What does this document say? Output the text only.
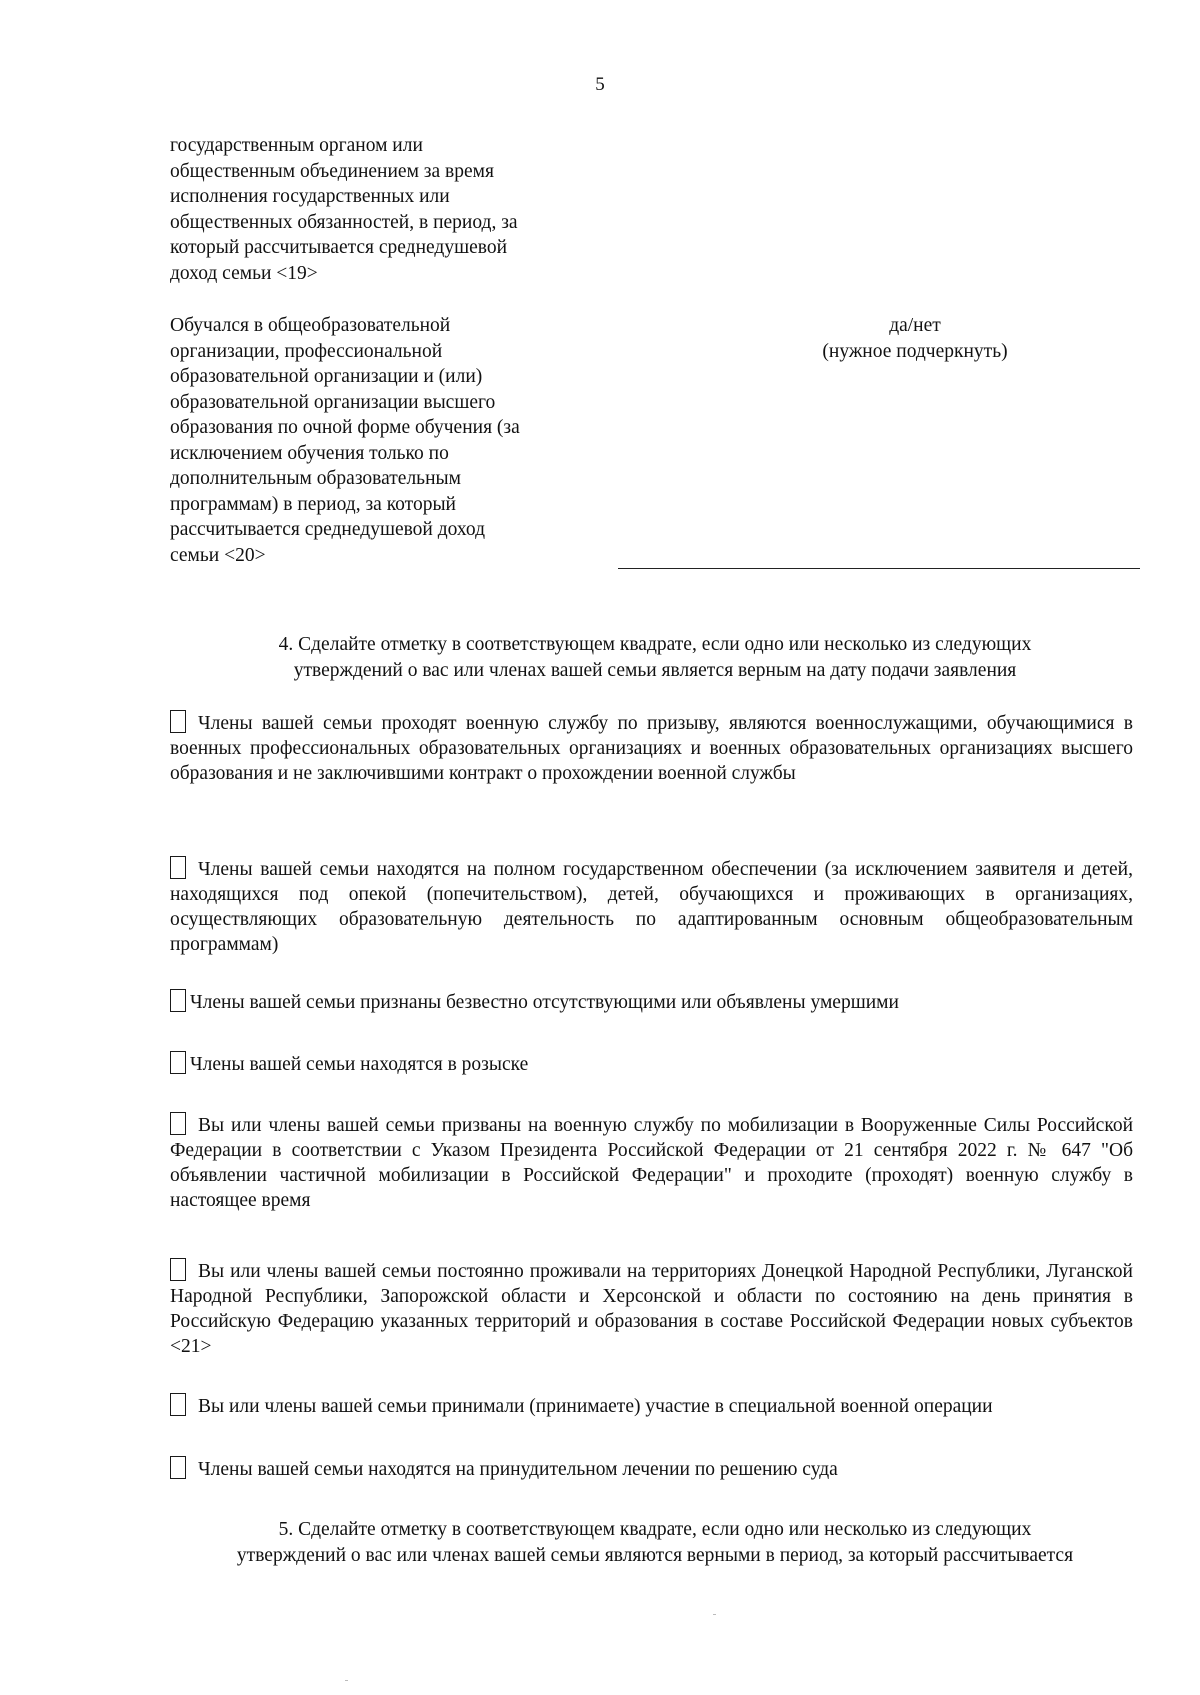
5
государственным органом или
общественным объединением за время
исполнения государственных или
общественных обязанностей, в период, за
который рассчитывается среднедушевой
доход семьи <19>
Обучался в общеобразовательной
организации, профессиональной
образовательной организации и (или)
образовательной организации высшего
образования по очной форме обучения (за
исключением обучения только по
дополнительным образовательным
программам) в период, за который
рассчитывается среднедушевой доход
семьи <20>
да/нет
(нужное подчеркнуть)
4. Сделайте отметку в соответствующем квадрате, если одно или несколько из следующих
утверждений о вас или членах вашей семьи является верным на дату подачи заявления
Члены вашей семьи проходят военную службу по призыву, являются военнослужащими, обучающимися в военных профессиональных образовательных организациях и военных образовательных организациях высшего образования и не заключившими контракт о прохождении военной службы
Члены вашей семьи находятся на полном государственном обеспечении (за исключением заявителя и детей, находящихся под опекой (попечительством), детей, обучающихся и проживающих в организациях, осуществляющих образовательную деятельность по адаптированным основным общеобразовательным программам)
Члены вашей семьи признаны безвестно отсутствующими или объявлены умершими
Члены вашей семьи находятся в розыске
Вы или члены вашей семьи призваны на военную службу по мобилизации в Вооруженные Силы Российской Федерации в соответствии с Указом Президента Российской Федерации от 21 сентября 2022 г. № 647 "Об объявлении частичной мобилизации в Российской Федерации" и проходите (проходят) военную службу в настоящее время
Вы или члены вашей семьи постоянно проживали на территориях Донецкой Народной Республики, Луганской Народной Республики, Запорожской области и Херсонской и области по состоянию на день принятия в Российскую Федерацию указанных территорий и образования в составе Российской Федерации новых субъектов <21>
Вы или члены вашей семьи принимали (принимаете) участие в специальной военной операции
Члены вашей семьи находятся на принудительном лечении по решению суда
5. Сделайте отметку в соответствующем квадрате, если одно или несколько из следующих
утверждений о вас или членах вашей семьи являются верными в период, за который рассчитывается
